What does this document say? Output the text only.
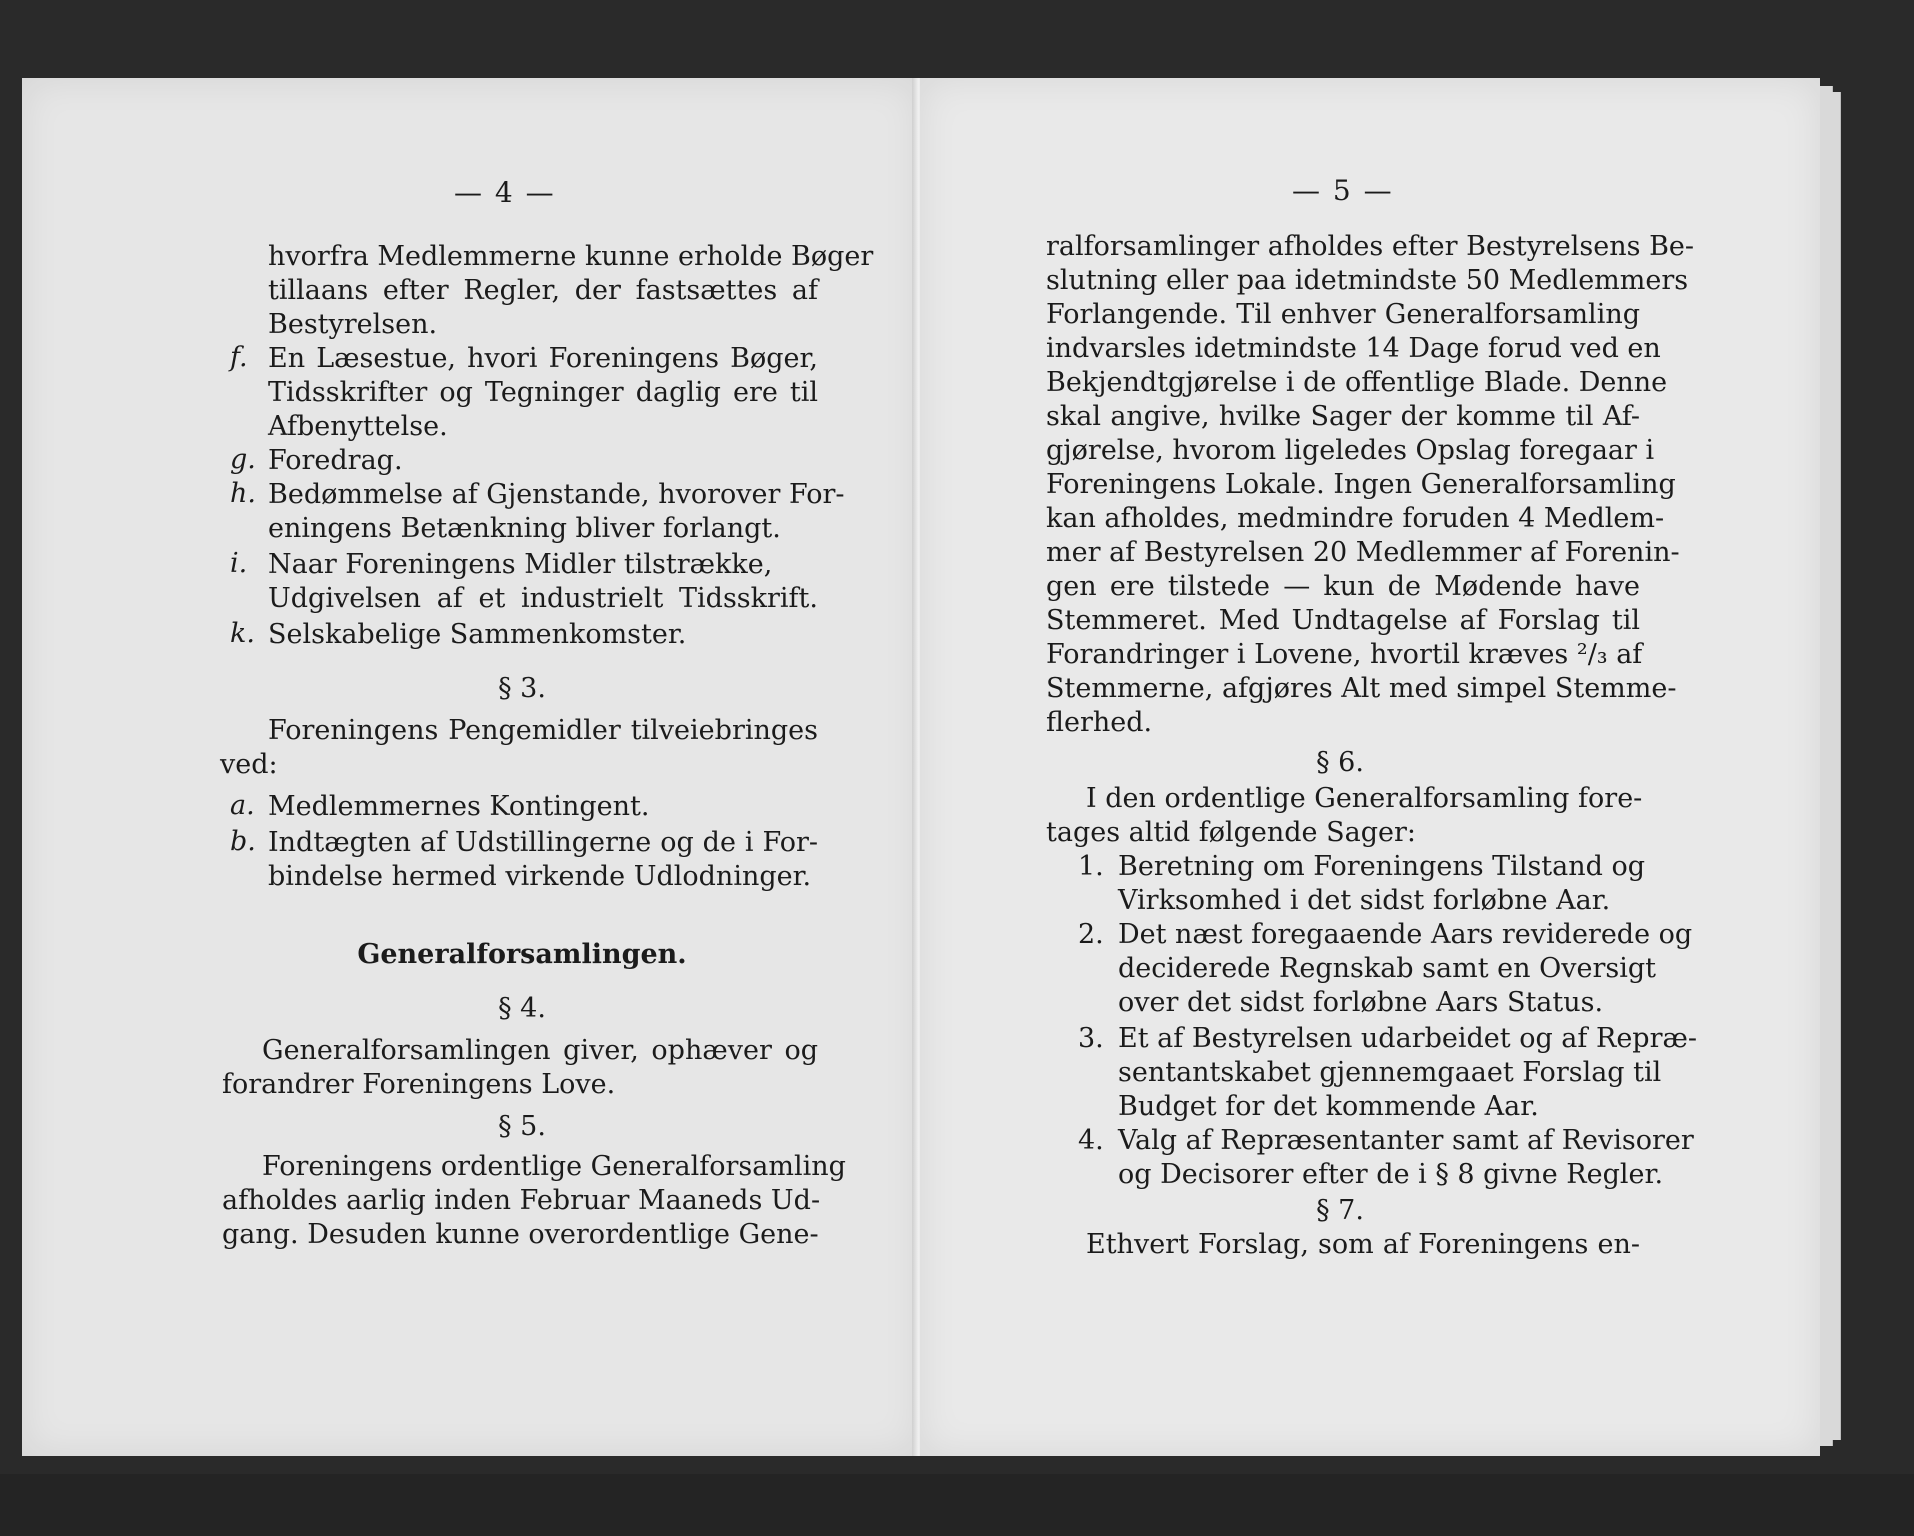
— 4 —
hvorfra Medlemmerne kunne erholde Bøger
tillaans efter Regler, der fastsættes af
Bestyrelsen.
f. En Læsestue, hvori Foreningens Bøger,
Tidsskrifter og Tegninger daglig ere til
Afbenyttelse.
g. Foredrag.
h. Bedømmelse af Gjenstande, hvorover For-
eningens Betænkning bliver forlangt.
i. Naar Foreningens Midler tilstrække,
Udgivelsen af et industrielt Tidsskrift.
k. Selskabelige Sammenkomster.
§ 3.
Foreningens Pengemidler tilveiebringes
ved:
a. Medlemmernes Kontingent.
b. Indtægten af Udstillingerne og de i For-
bindelse hermed virkende Udlodninger.
Generalforsamlingen.
§ 4.
Generalforsamlingen giver, ophæver og
forandrer Foreningens Love.
§ 5.
Foreningens ordentlige Generalforsamling
afholdes aarlig inden Februar Maaneds Ud-
gang. Desuden kunne overordentlige Gene-
— 5 —
ralforsamlinger afholdes efter Bestyrelsens Be-
slutning eller paa idetmindste 50 Medlemmers
Forlangende. Til enhver Generalforsamling
indvarsles idetmindste 14 Dage forud ved en
Bekjendtgjørelse i de offentlige Blade. Denne
skal angive, hvilke Sager der komme til Af-
gjørelse, hvorom ligeledes Opslag foregaar i
Foreningens Lokale. Ingen Generalforsamling
kan afholdes, medmindre foruden 4 Medlem-
mer af Bestyrelsen 20 Medlemmer af Forenin-
gen ere tilstede — kun de Mødende have
Stemmeret. Med Undtagelse af Forslag til
Forandringer i Lovene, hvortil kræves ²/₃ af
Stemmerne, afgjøres Alt med simpel Stemme-
flerhed.
§ 6.
I den ordentlige Generalforsamling fore-
tages altid følgende Sager:
1. Beretning om Foreningens Tilstand og
Virksomhed i det sidst forløbne Aar.
2. Det næst foregaaende Aars reviderede og
deciderede Regnskab samt en Oversigt
over det sidst forløbne Aars Status.
3. Et af Bestyrelsen udarbeidet og af Repræ-
sentantskabet gjennemgaaet Forslag til
Budget for det kommende Aar.
4. Valg af Repræsentanter samt af Revisorer
og Decisorer efter de i § 8 givne Regler.
§ 7.
Ethvert Forslag, som af Foreningens en-
